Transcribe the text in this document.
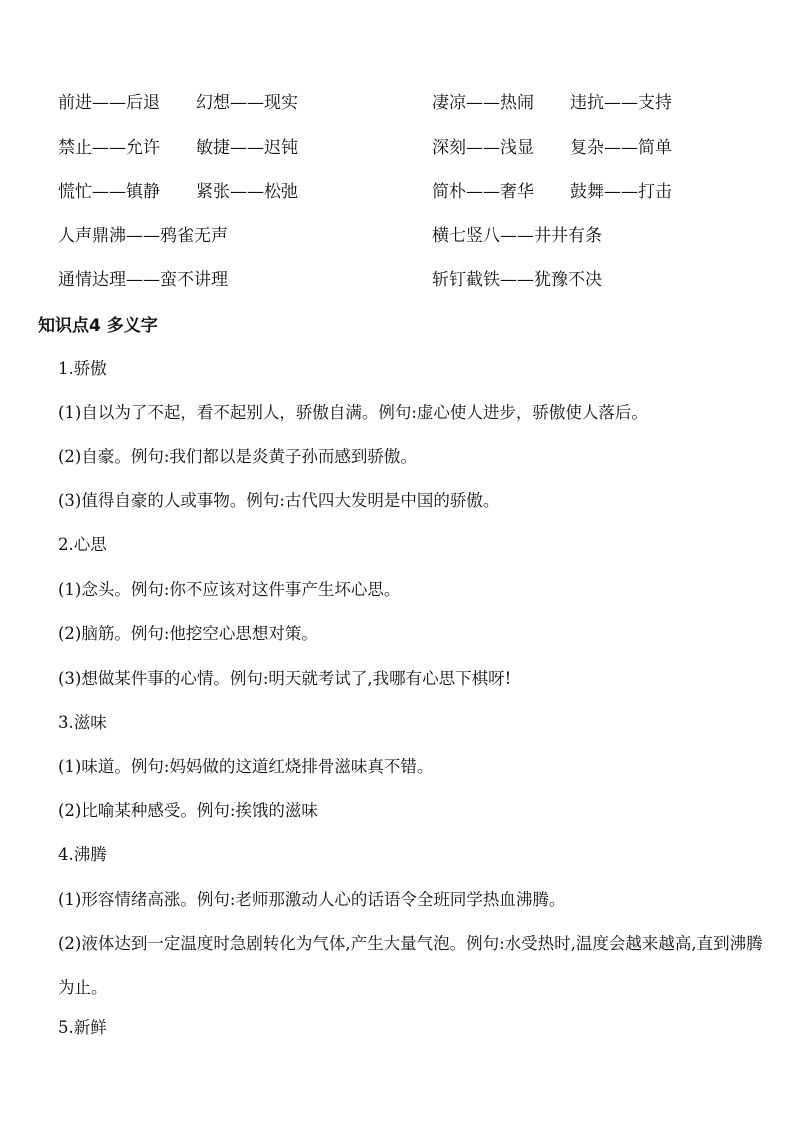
前进——后退 幻想——现实	凄凉——热闹 违抗——支持
禁止——允许 敏捷——迟钝	深刻——浅显 复杂——简单
慌忙——镇静 紧张——松弛	简朴——奢华 鼓舞——打击
人声鼎沸——鸦雀无声	横七竖八——井井有条
通情达理——蛮不讲理	斩钉截铁——犹豫不决
知识点4 多义字
1.骄傲
(1)自以为了不起，看不起别人，骄傲自满。例句:虚心使人进步，骄傲使人落后。
(2)自豪。例句:我们都以是炎黄子孙而感到骄傲。
(3)值得自豪的人或事物。例句:古代四大发明是中国的骄傲。
2.心思
(1)念头。例句:你不应该对这件事产生坏心思。
(2)脑筋。例句:他挖空心思想对策。
(3)想做某件事的心情。例句:明天就考试了,我哪有心思下棋呀!
3.滋味
(1)味道。例句:妈妈做的这道红烧排骨滋味真不错。
(2)比喻某种感受。例句:挨饿的滋味
4.沸腾
(1)形容情绪高涨。例句:老师那激动人心的话语令全班同学热血沸腾。
(2)液体达到一定温度时急剧转化为气体,产生大量气泡。例句:水受热时,温度会越来越高,直到沸腾为止。
5.新鲜
